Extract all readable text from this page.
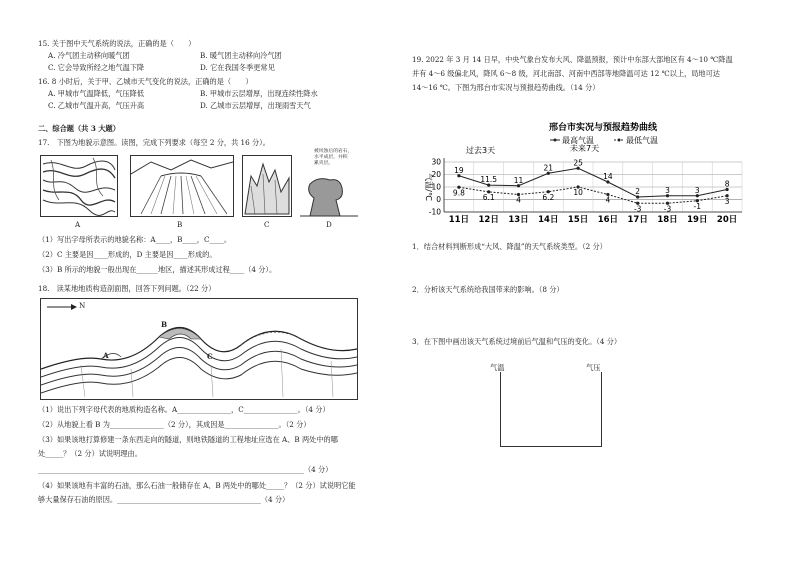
15. 关于图中天气系统的说法，正确的是（　　）
A. 冷气团主动移向暖气团	B. 暖气团主动移向冷气团
C. 它会导致所经之地气温下降	D. 它在我国冬季更常见
16. 8 小时后，关于甲、乙城市天气变化的说法，正确的是（　　）
A. 甲城市气温降低，气压降低	B. 甲城市云层增厚，出现连续性降水
C. 乙城市气温升高，气压升高	D. 乙城市云层增厚，出现雨雪天气
二、综合题（共 3 大题）
17.　下图为地貌示意图。读图，完成下列要求（每空 2 分，共 16 分）。
被风蚀后的岩石，
水平成层，并积
累夹层。
A	B	C	D
（1）写出字母所表示的地貌名称：A____，B____，C____。
（2）C 主要是因____形成的，D 主要是因____形成的。
（3）B 所示的地貌一般出现在______地区，描述其形成过程____（4 分）。
18.　读某地地质构造剖面图，回答下列问题。（22 分）
N
A
B
C
（1）说出下列字母代表的地质构造名称。A_______________，C_______________。（4 分）
（2）从地貌上看 B 为_______________（2 分），其成因是_______________。（2 分）
（3）如果该地打算修建一条东西走向的隧道，则地铁隧道的工程地址应选在 A、B 两处中的哪
处_____？（2 分）试说明理由。
__________________________________________________________________________（4 分）
（4）如果该地有丰富的石油，那么石油一般储存在 A、B 两处中的哪处_____？（2 分）试说明它能
够大量保存石油的原因。________________________________________（4 分）
19. 2022 年 3 月 14 日早，中央气象台发布大风、降温预报，预计中东部大部地区有 4～10 ℃降温
并有 4～6 级偏北风，降风 6～8 级，河北南部、河南中西部等地降温可达 12 ℃以上，局地可达
14～16 ℃。下图为邢台市实况与预报趋势曲线。（14 分）
邢台市实况与预报趋势曲线
最高气温	最低气温
过去3天	未来7天
气温/℃
-10
0
10
20
30
11日 12日 13日 14日 15日 16日 17日 18日 19日 20日
19
11.5 11
21
25
14
2	3	3
8
9.8
6.1	4	6.2
10
4
-3	-3	-1
3
1．结合材料判断形成“大风、降温”的天气系统类型。（2 分）
2．分析该天气系统给我国带来的影响。（8 分）
3．在下图中画出该天气系统过境前后气温和气压的变化。（4 分）
气温	气压
